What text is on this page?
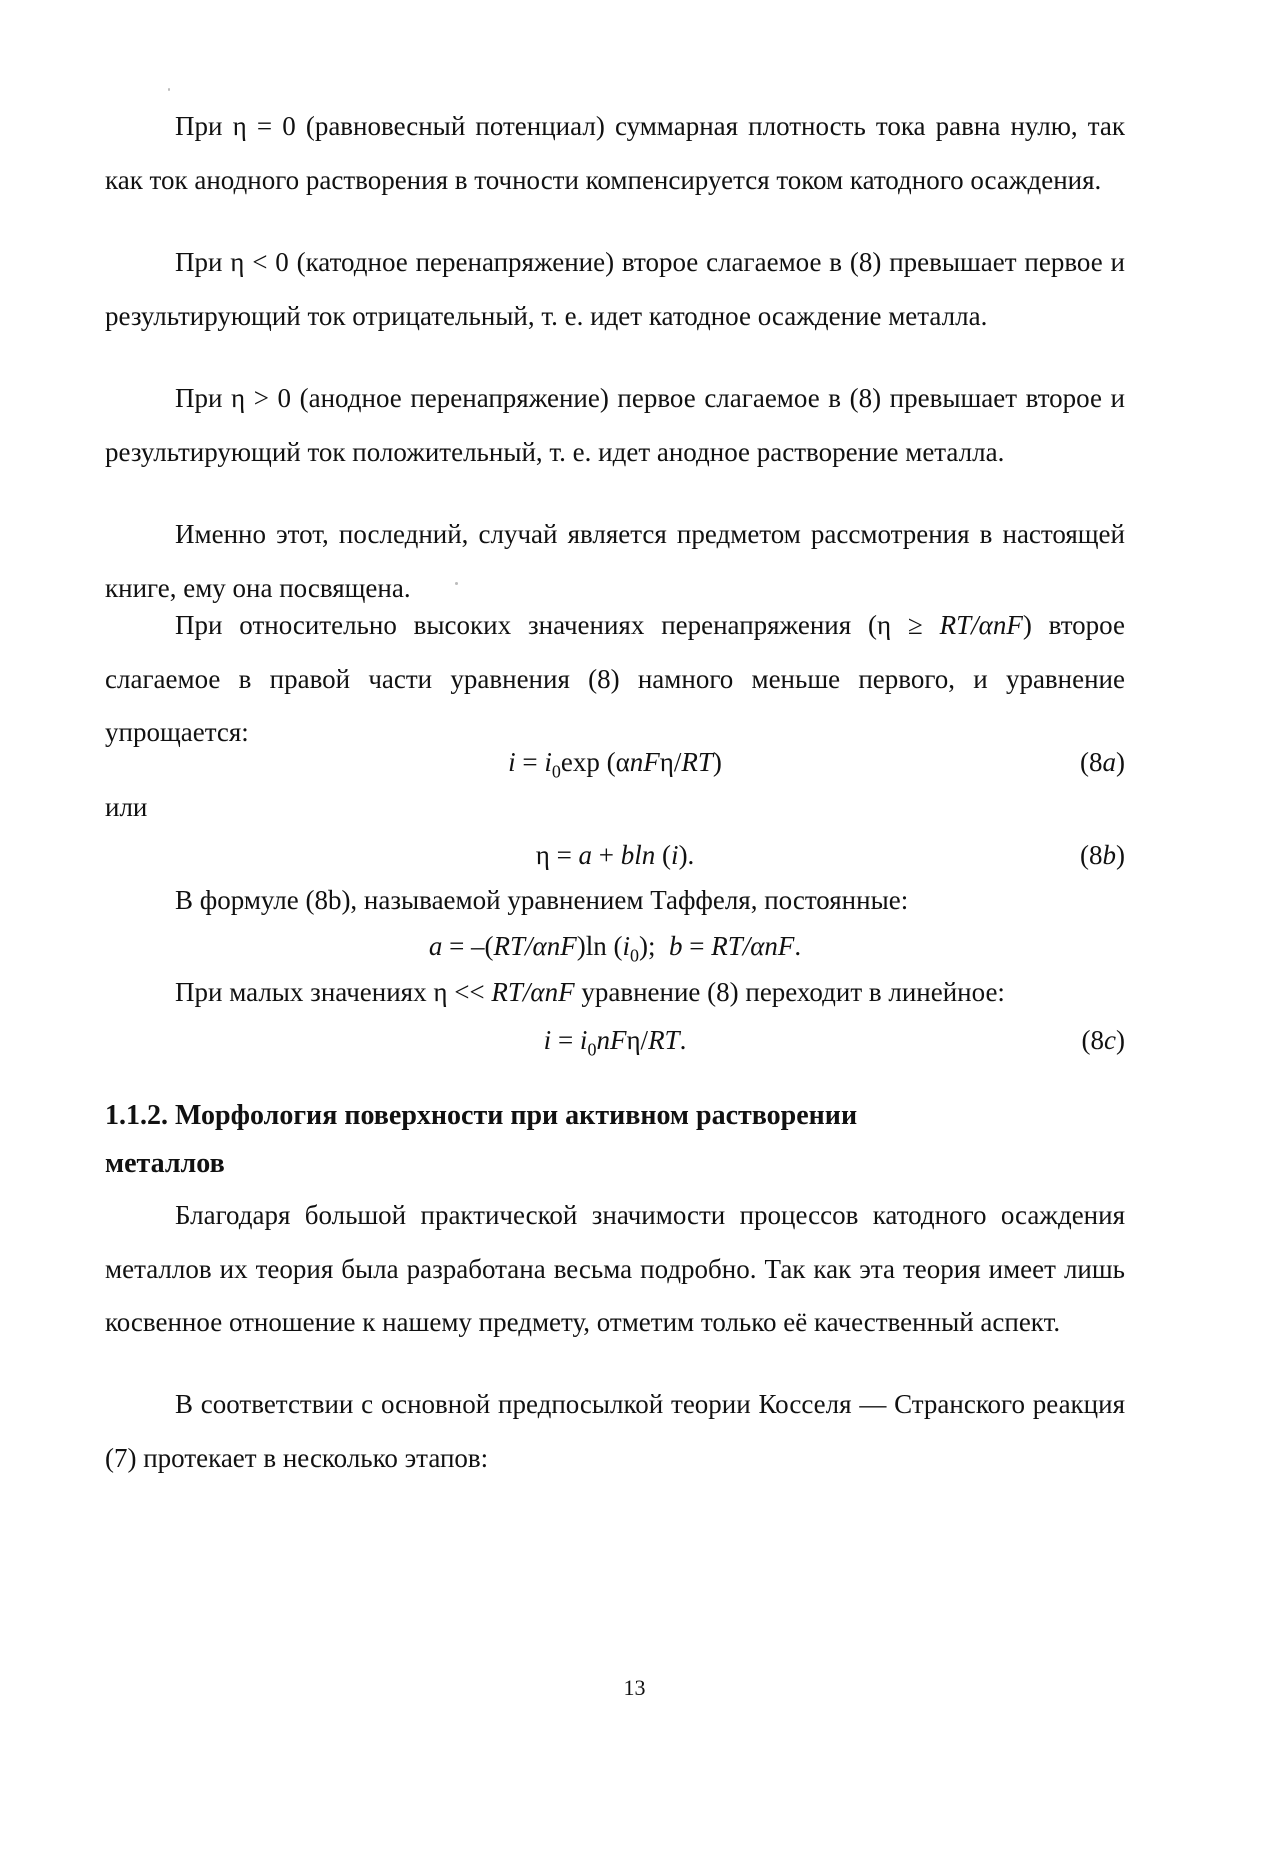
При η = 0 (равновесный потенциал) суммарная плотность тока равна нулю, так как ток анодного растворения в точности компенсируется током катодного осаждения.

При η < 0 (катодное перенапряжение) второе слагаемое в (8) превышает первое и результирующий ток отрицательный, т. е. идет катодное осаждение металла.

При η > 0 (анодное перенапряжение) первое слагаемое в (8) превышает второе и результирующий ток положительный, т. е. идет анодное растворение металла.

Именно этот, последний, случай является предметом рассмотрения в настоящей книге, ему она посвящена.

При относительно высоких значениях перенапряжения (η ≥ RT/αnF) второе слагаемое в правой части уравнения (8) намного меньше первого, и уравнение упрощается:

$i = i_0\exp$ (αnFη/RT)	(8a)

или

η = a + bln (i).	(8b)

В формуле (8b), называемой уравнением Таффеля, постоянные:

a = –(RT/αnF)ln $(i_0)$;  b = RT/αnF.

При малых значениях η << RT/αnF уравнение (8) переходит в линейное:

$i = i_0nF\eta/RT$.	(8c)
1.1.2. Морфология поверхности при активном растворении
металлов

Благодаря большой практической значимости процессов катодного осаждения металлов их теория была разработана весьма подробно. Так как эта теория имеет лишь косвенное отношение к нашему предмету, отметим только её качественный аспект.

В соответствии с основной предпосылкой теории Косселя — Странского реакция (7) протекает в несколько этапов:

13
